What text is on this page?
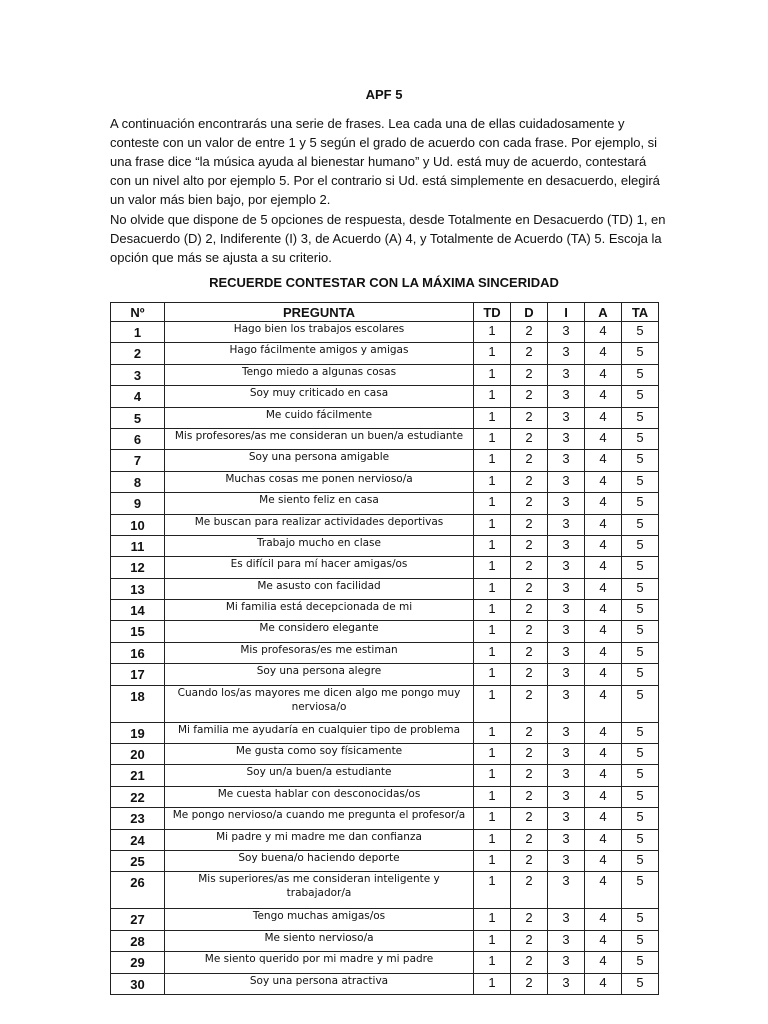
APF 5

A continuación encontrarás una serie de frases. Lea cada una de ellas cuidadosamente y conteste con un valor de entre 1 y 5 según el grado de acuerdo con cada frase. Por ejemplo, si una frase dice “la música ayuda al bienestar humano” y Ud. está muy de acuerdo, contestará con un nivel alto por ejemplo 5. Por el contrario si Ud. está simplemente en desacuerdo, elegirá un valor más bien bajo, por ejemplo 2.

No olvide que dispone de 5 opciones de respuesta, desde Totalmente en Desacuerdo (TD) 1, en Desacuerdo (D) 2, Indiferente (I) 3, de Acuerdo (A) 4, y Totalmente de Acuerdo (TA) 5. Escoja la opción que más se ajusta a su criterio.

RECUERDE CONTESTAR CON LA MÁXIMA SINCERIDAD
Nº	PREGUNTA	TD	D	I	A	TA
1	Hago bien los trabajos escolares	1	2	3	4	5
2	Hago fácilmente amigos y amigas	1	2	3	4	5
3	Tengo miedo a algunas cosas	1	2	3	4	5
4	Soy muy criticado en casa	1	2	3	4	5
5	Me cuido fácilmente	1	2	3	4	5
6	Mis profesores/as me consideran un buen/a estudiante	1	2	3	4	5
7	Soy una persona amigable	1	2	3	4	5
8	Muchas cosas me ponen nervioso/a	1	2	3	4	5
9	Me siento feliz en casa	1	2	3	4	5
10	Me buscan para realizar actividades deportivas	1	2	3	4	5
11	Trabajo mucho en clase	1	2	3	4	5
12	Es difícil para mí hacer amigas/os	1	2	3	4	5
13	Me asusto con facilidad	1	2	3	4	5
14	Mi familia está decepcionada de mi	1	2	3	4	5
15	Me considero elegante	1	2	3	4	5
16	Mis profesoras/es me estiman	1	2	3	4	5
17	Soy una persona alegre	1	2	3	4	5
18	Cuando los/as mayores me dicen algo me pongo muy nerviosa/o	1	2	3	4	5
19	Mi familia me ayudaría en cualquier tipo de problema	1	2	3	4	5
20	Me gusta como soy físicamente	1	2	3	4	5
21	Soy un/a buen/a estudiante	1	2	3	4	5
22	Me cuesta hablar con desconocidas/os	1	2	3	4	5
23	Me pongo nervioso/a cuando me pregunta el profesor/a	1	2	3	4	5
24	Mi padre y mi madre me dan confianza	1	2	3	4	5
25	Soy buena/o haciendo deporte	1	2	3	4	5
26	Mis superiores/as me consideran inteligente y trabajador/a	1	2	3	4	5
27	Tengo muchas amigas/os	1	2	3	4	5
28	Me siento nervioso/a	1	2	3	4	5
29	Me siento querido por mi madre y mi padre	1	2	3	4	5
30	Soy una persona atractiva	1	2	3	4	5
